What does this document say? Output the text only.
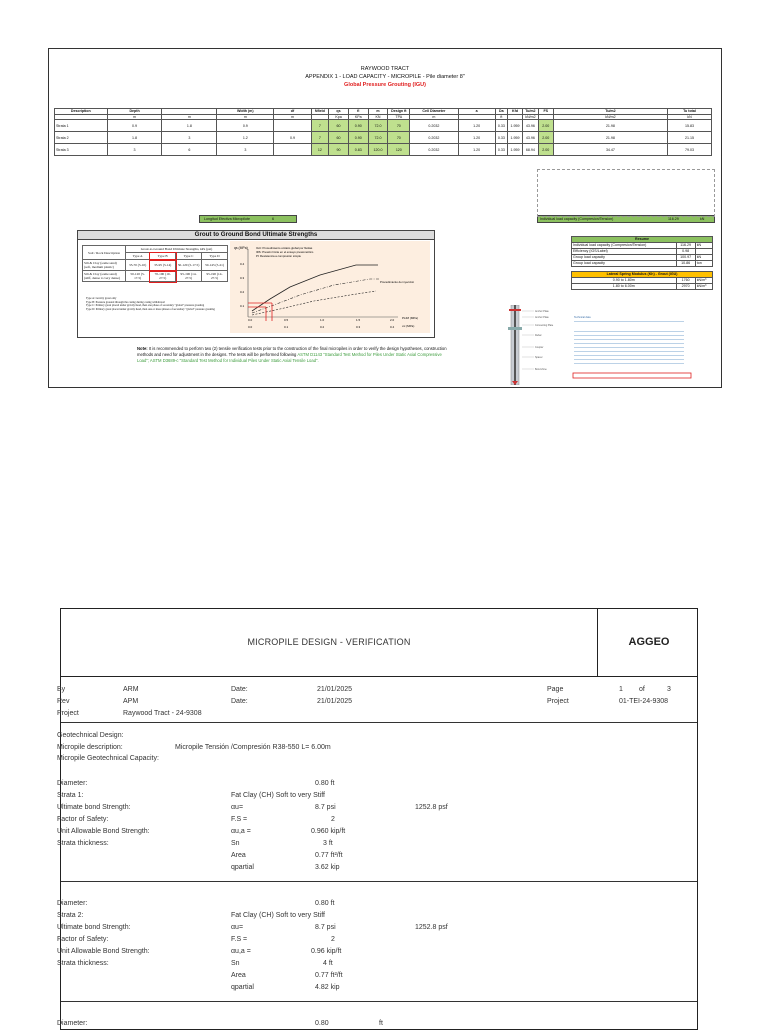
RAYWOOD TRACT
APPENDIX 1 - LOAD CAPACITY - MICROPILE - Pile diameter 8"
Global Pressure Grouting (IGU)
Description	Depth		Width (m)	df	Nfield	qs	fl	m	Design ft	Cell Diameter	a	Da	Kfd	Tu/m2	FS	Tu/m2	Tu total
	m	m	m	m		Kpa	KPa	KN	TPA	m		ft		kN/m2		kN/m2	kN
Strata 1	0.9	1.8	0.9		7	60	0.90	72.0	70	0.2032	1.20	0.33	1.959	43.96	2.00	21.98	15.83
Strata 2	1.8	3	1.2	0.9	7	60	0.90	72.0	70	0.2032	1.20	0.33	1.959	43.96	2.00	21.98	21.15
Strata 3	3	6	3		12	90	0.83	120.0	120	0.2032	1.20	0.33	1.959	68.94	2.00	34.47	79.03
Longitud Efectiva Micropilote	6	Individual load capacity (Compresion/Tension)	116.29	kN
Grout to Ground Bond Ultimate Strengths
Soil / Rock Description	Grout-to-Ground Bond Ultimate Strengths, kPa (psi)			
	Type A	Type B	Type C	Type D
Silt & Clay (some sand) (soft, medium plastic)	35-70 (5-10)	35-95 (5-14)	50-120 (5-17.5)	50-145 (5-21)
Silt & Clay (some sand) (stiff, dense to very dense)	50-120 (5-17.5)	70-190 (10-27.5)	95-190 (14-27.5)	95-190 (14-27.5)
Type A: Gravity grout only
Type B: Pressure grouted through the casing during casing withdrawal
Type C: Primary grout placed under gravity head, then one phase of secondary "global" pressure grouting
Type D: Primary grout placed under gravity head, then one or more phases of secondary "global" pressure grouting
qs (MPa)
0.4
0.3
0.2
0.1
IGU: Procedimiento unitario global por fluidas
IRS: Presión límite en el ensayo presiométrico
Pl: Resistencia a compresión simple
Procedimiento de inyección
0.0	0.5	1.0	1.5	2.0
0.0	0.1	0.2	0.3	0.4
PLIM (MPa)
σc (MPa)
Resume		
Individual load capacity (Compresion/Tension)	116.29	kN
Efficiency (IGS/Label)	0.98	
Group load capacity	100.97	kN
Group load capacity	10.86	ton

Lateral Spring Modulus (Kh) - Grout (IGU)		
0.90 to 1.80m	1760	kN/m³
1.80 to 6.00m	2970	kN/m³
Note: It is recommended to perform two (2) tensile verification tests prior to the construction of the final micropiles in order to verify the design hypotheses, construction methods and need for adjustment in the designs. The tests will be performed following ASTM D1143 "Standard Test Method for Piles Under Static Axial Compressive Load"; ASTM D3689-c "Standard Test Method for Individual Piles Under Static Axial Tensile Load".
Anchor Plate
Anchor Plate
Connecting Plate
Rebar
Coupler
Spacer
Bond Zone
Technical data
MICROPILE DESIGN - VERIFICATION	AGGEO
By	ARM	Date:	21/01/2025	Page	1 of	3
Rev	APM	Date:	21/01/2025	Project	01-TEI-24-9308
Project	Raywood Tract - 24-9308
Geotechnical Design:
Micropile description:	Micropile Tensión /Compresión R38-550 L= 6.00m
Micropile Geotechnical Capacity:
Diameter:	0.80 ft
Strata 1:	Fat Clay (CH) Soft to very Stiff
Ultimate bond Strength:	αu=	8.7 psi	1252.8 psf
Factor of Safety:	F.S =	2
Unit Allowable Bond Strength:	αu,a =	0.960 kip/ft
Strata thickness:	Sn	3 ft
Area	0.77 ft²/ft
qpartial	3.62 kip
Diameter:	0.80 ft
Strata 2:	Fat Clay (CH) Soft to very Stiff
Ultimate bond Strength:	αu=	8.7 psi	1252.8 psf
Factor of Safety:	F.S =	2
Unit Allowable Bond Strength:	αu,a =	0.96 kip/ft
Strata thickness:	Sn	4 ft
Area	0.77 ft²/ft
qpartial	4.82 kip
Diameter:	0.80	ft
